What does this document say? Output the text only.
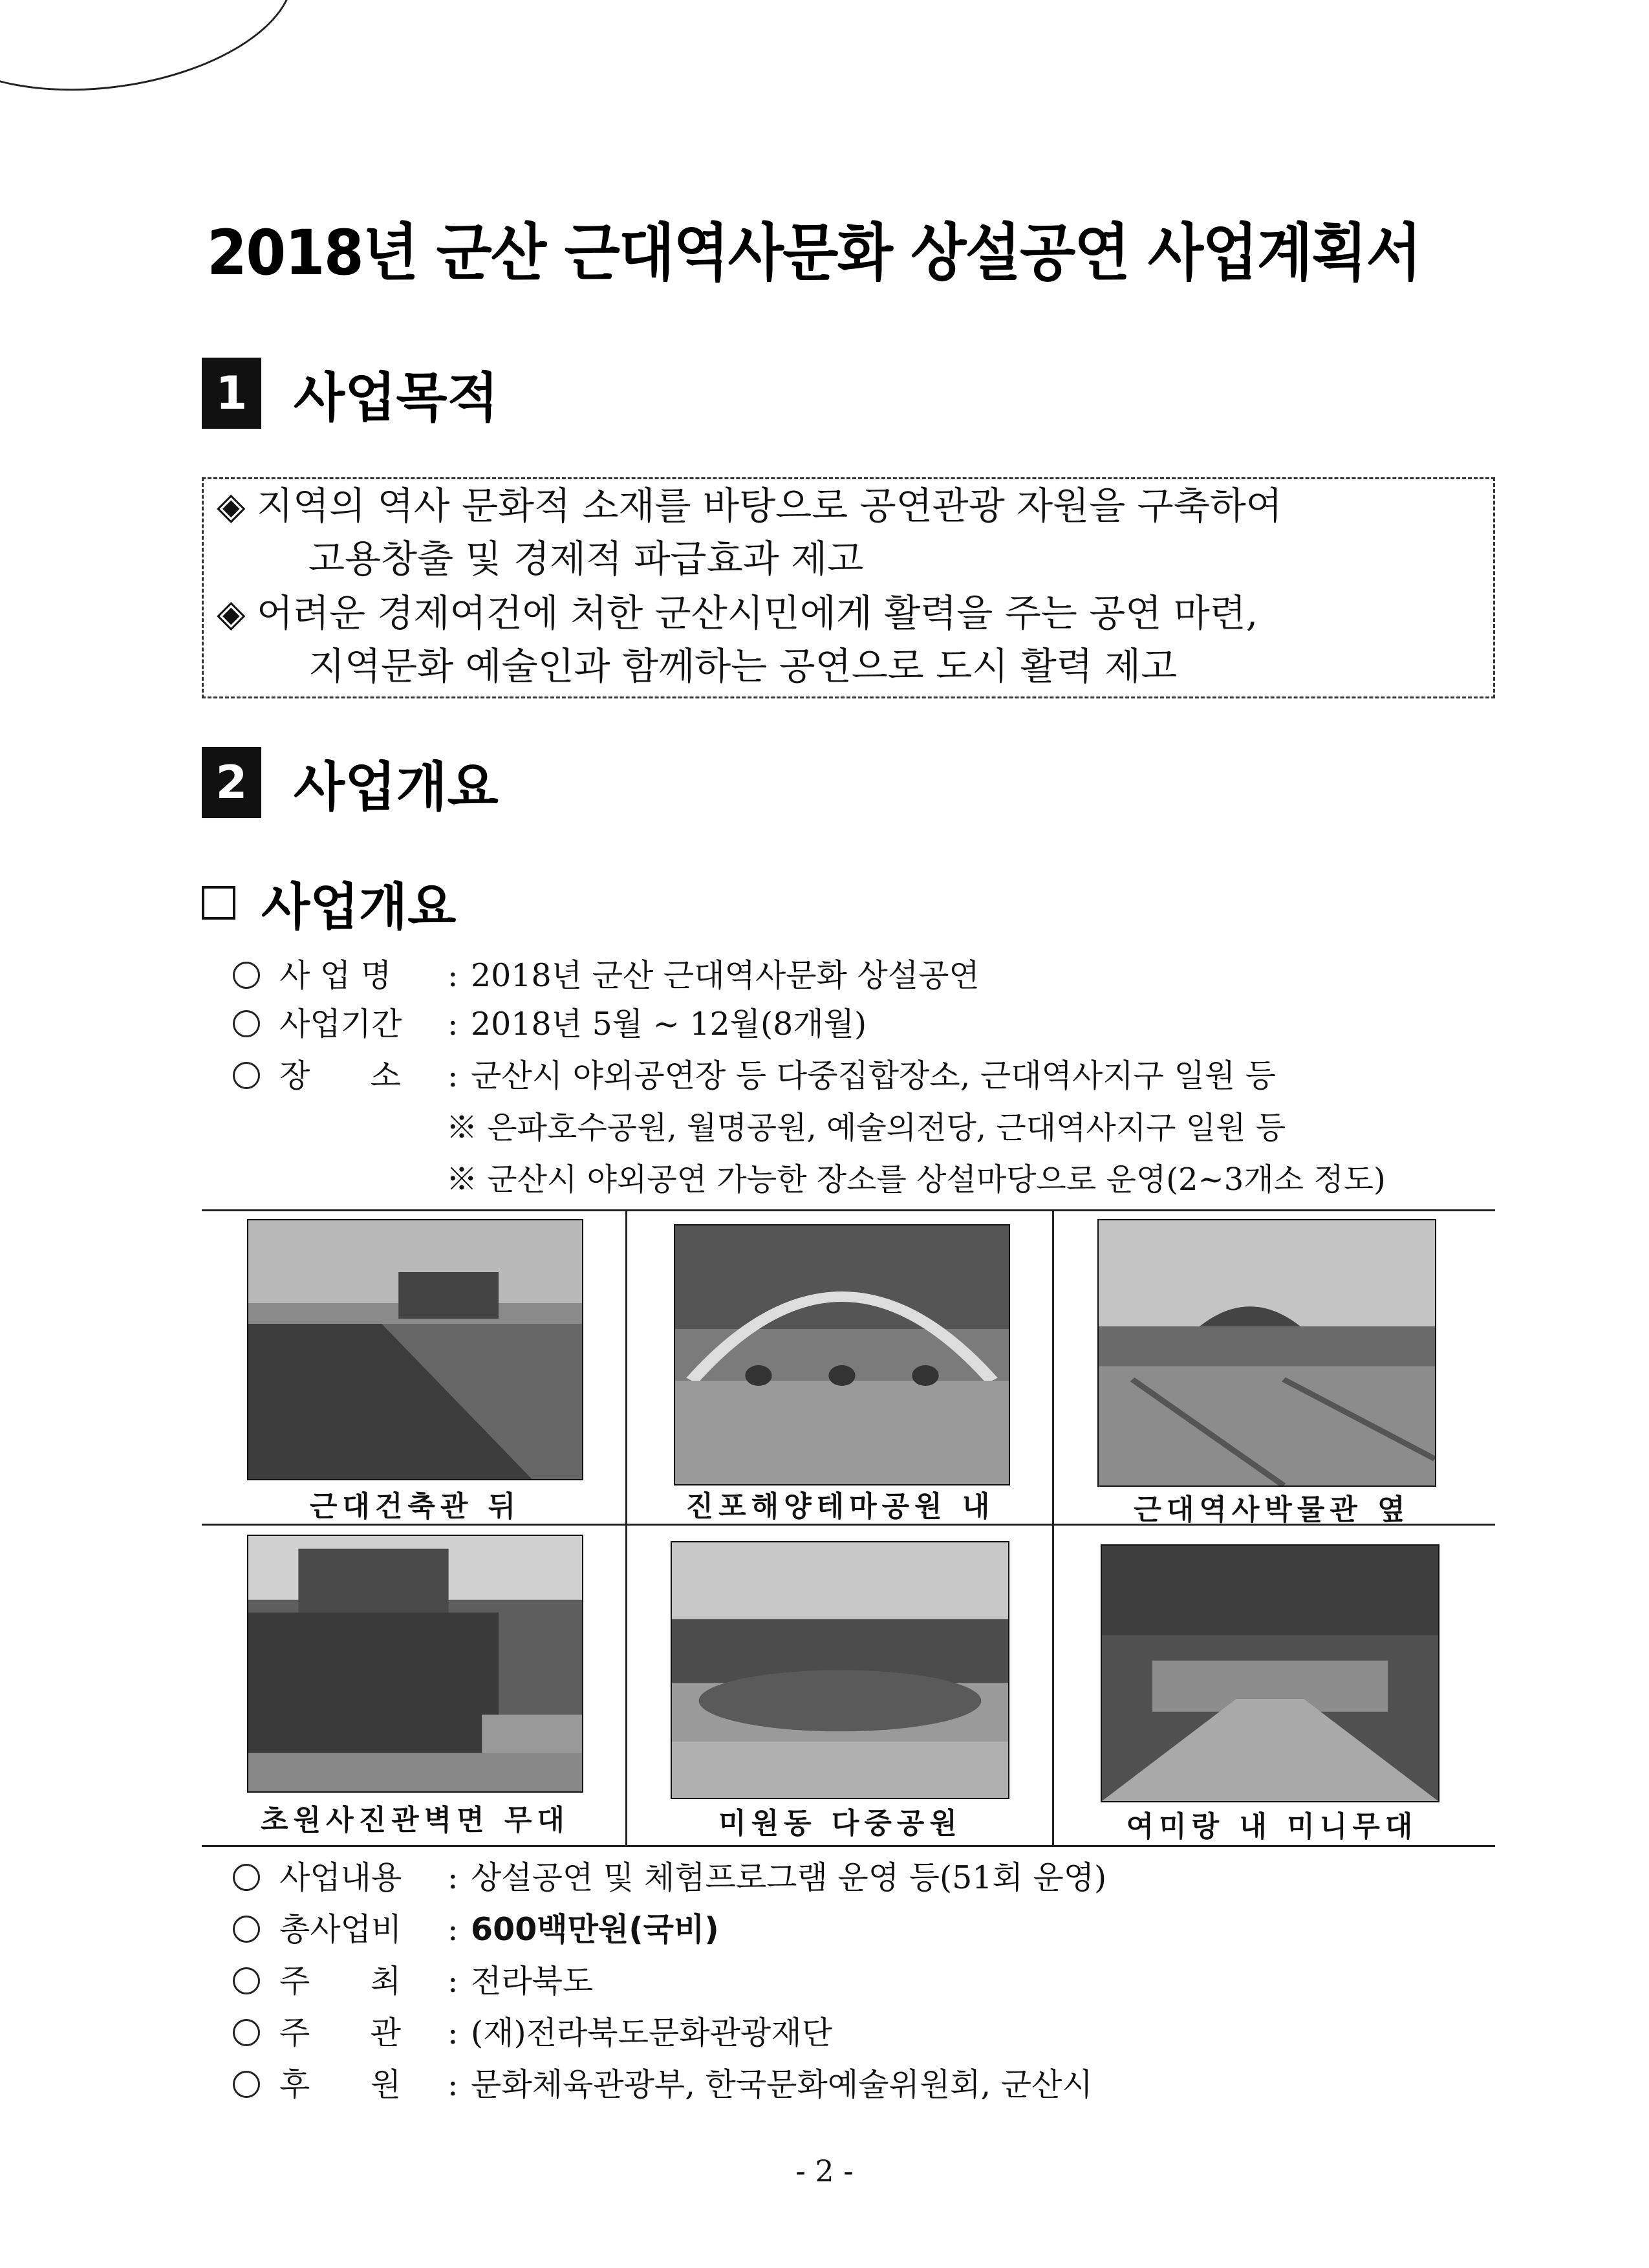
2018년 군산 근대역사문화 상설공연 사업계획서
1 사업목적
◈ 지역의 역사 문화적 소재를 바탕으로 공연관광 자원을 구축하여
고용창출 및 경제적 파급효과 제고
◈ 어려운 경제여건에 처한 군산시민에게 활력을 주는 공연 마련,
지역문화 예술인과 함께하는 공연으로 도시 활력 제고
2 사업개요
사업개요
사 업 명	: 2018년 군산 근대역사문화 상설공연
사업기간	: 2018년 5월 ~ 12월(8개월)
장      소	: 군산시 야외공연장 등 다중집합장소, 근대역사지구 일원 등
※ 은파호수공원, 월명공원, 예술의전당, 근대역사지구 일원 등
※ 군산시 야외공연 가능한 장소를 상설마당으로 운영(2~3개소 정도)
근대건축관 뒤	진포해양테마공원 내	근대역사박물관 옆
초원사진관벽면 무대	미원동 다중공원	여미랑 내 미니무대
사업내용	: 상설공연 및 체험프로그램 운영 등(51회 운영)
총사업비	: 600백만원(국비)
주      최	: 전라북도
주      관	: (재)전라북도문화관광재단
후      원	: 문화체육관광부, 한국문화예술위원회, 군산시
- 2 -
